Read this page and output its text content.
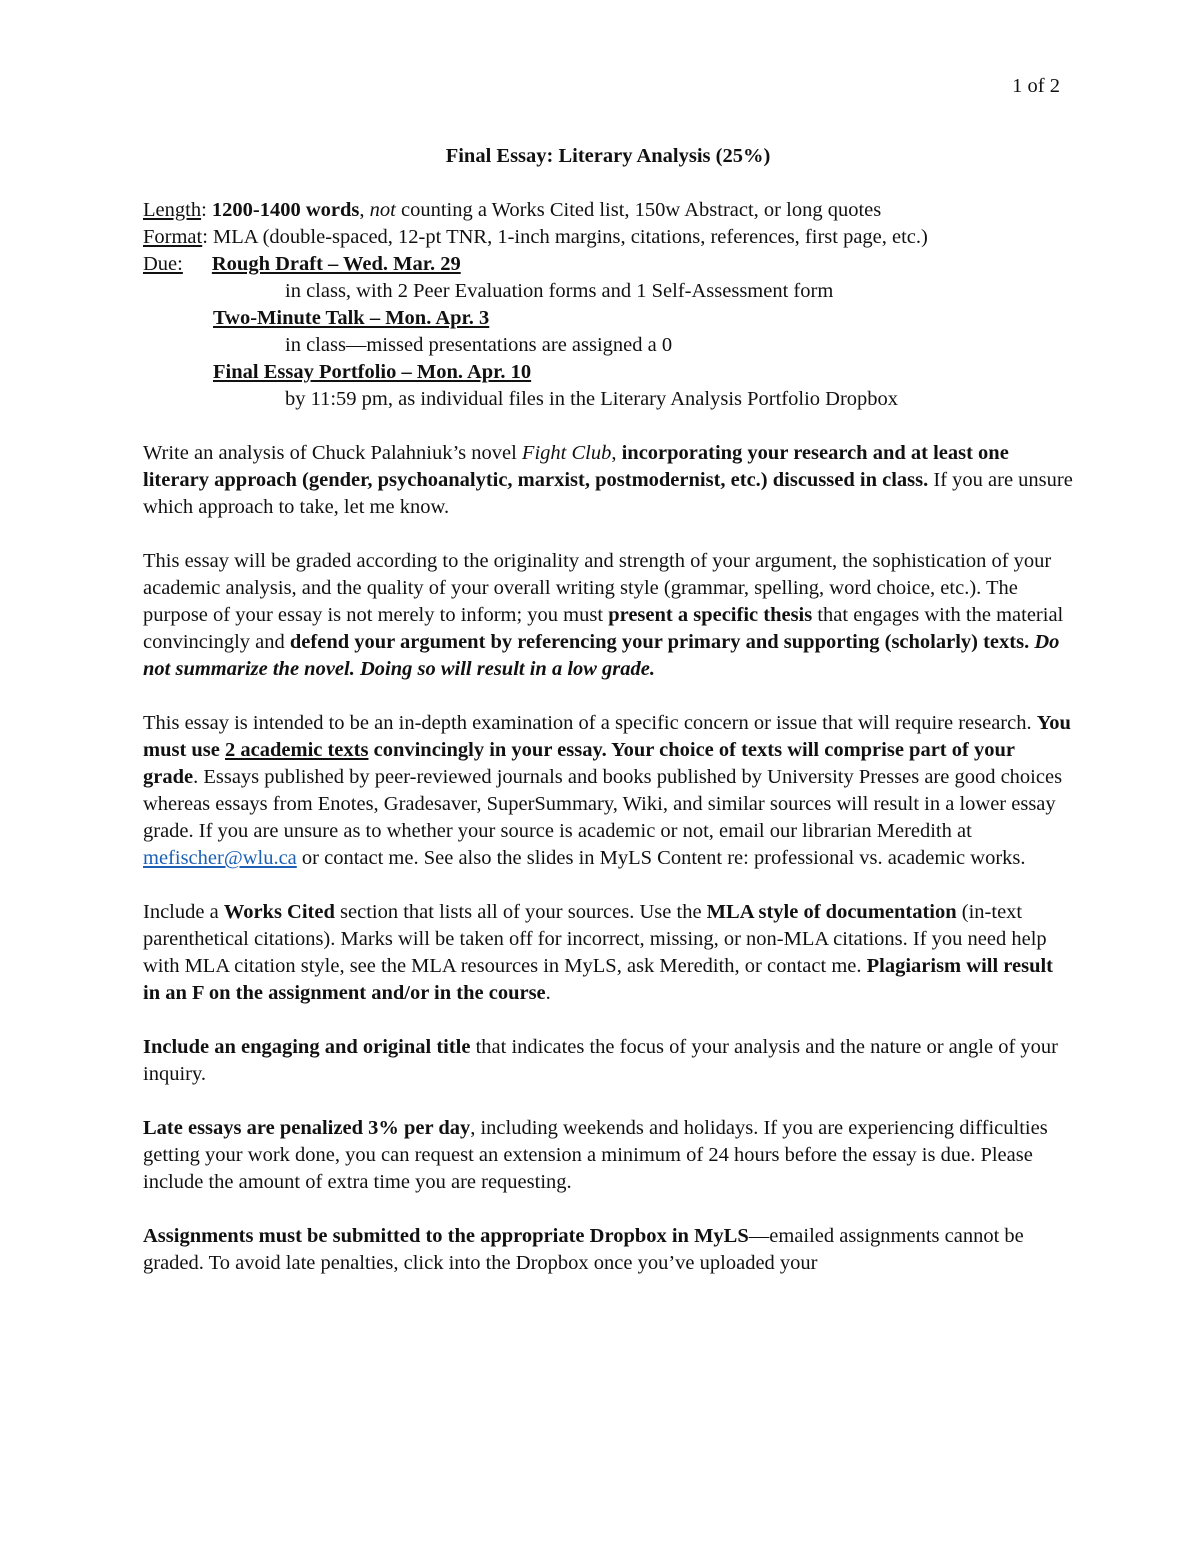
1 of 2
Final Essay: Literary Analysis (25%)
Length: 1200-1400 words, not counting a Works Cited list, 150w Abstract, or long quotes
Format: MLA (double-spaced, 12-pt TNR, 1-inch margins, citations, references, first page, etc.)
Due: Rough Draft – Wed. Mar. 29
in class, with 2 Peer Evaluation forms and 1 Self-Assessment form
Two-Minute Talk – Mon. Apr. 3
in class—missed presentations are assigned a 0
Final Essay Portfolio – Mon. Apr. 10
by 11:59 pm, as individual files in the Literary Analysis Portfolio Dropbox

Write an analysis of Chuck Palahniuk’s novel Fight Club, incorporating your research and at least one literary approach (gender, psychoanalytic, marxist, postmodernist, etc.) discussed in class. If you are unsure which approach to take, let me know.

This essay will be graded according to the originality and strength of your argument, the sophistication of your academic analysis, and the quality of your overall writing style (grammar, spelling, word choice, etc.). The purpose of your essay is not merely to inform; you must present a specific thesis that engages with the material convincingly and defend your argument by referencing your primary and supporting (scholarly) texts. Do not summarize the novel. Doing so will result in a low grade.

This essay is intended to be an in-depth examination of a specific concern or issue that will require research. You must use 2 academic texts convincingly in your essay. Your choice of texts will comprise part of your grade. Essays published by peer-reviewed journals and books published by University Presses are good choices whereas essays from Enotes, Gradesaver, SuperSummary, Wiki, and similar sources will result in a lower essay grade. If you are unsure as to whether your source is academic or not, email our librarian Meredith at mefischer@wlu.ca or contact me. See also the slides in MyLS Content re: professional vs. academic works.

Include a Works Cited section that lists all of your sources. Use the MLA style of documentation (in-text parenthetical citations). Marks will be taken off for incorrect, missing, or non-MLA citations. If you need help with MLA citation style, see the MLA resources in MyLS, ask Meredith, or contact me. Plagiarism will result in an F on the assignment and/or in the course.

Include an engaging and original title that indicates the focus of your analysis and the nature or angle of your inquiry.

Late essays are penalized 3% per day, including weekends and holidays. If you are experiencing difficulties getting your work done, you can request an extension a minimum of 24 hours before the essay is due. Please include the amount of extra time you are requesting.

Assignments must be submitted to the appropriate Dropbox in MyLS—emailed assignments cannot be graded. To avoid late penalties, click into the Dropbox once you’ve uploaded your
